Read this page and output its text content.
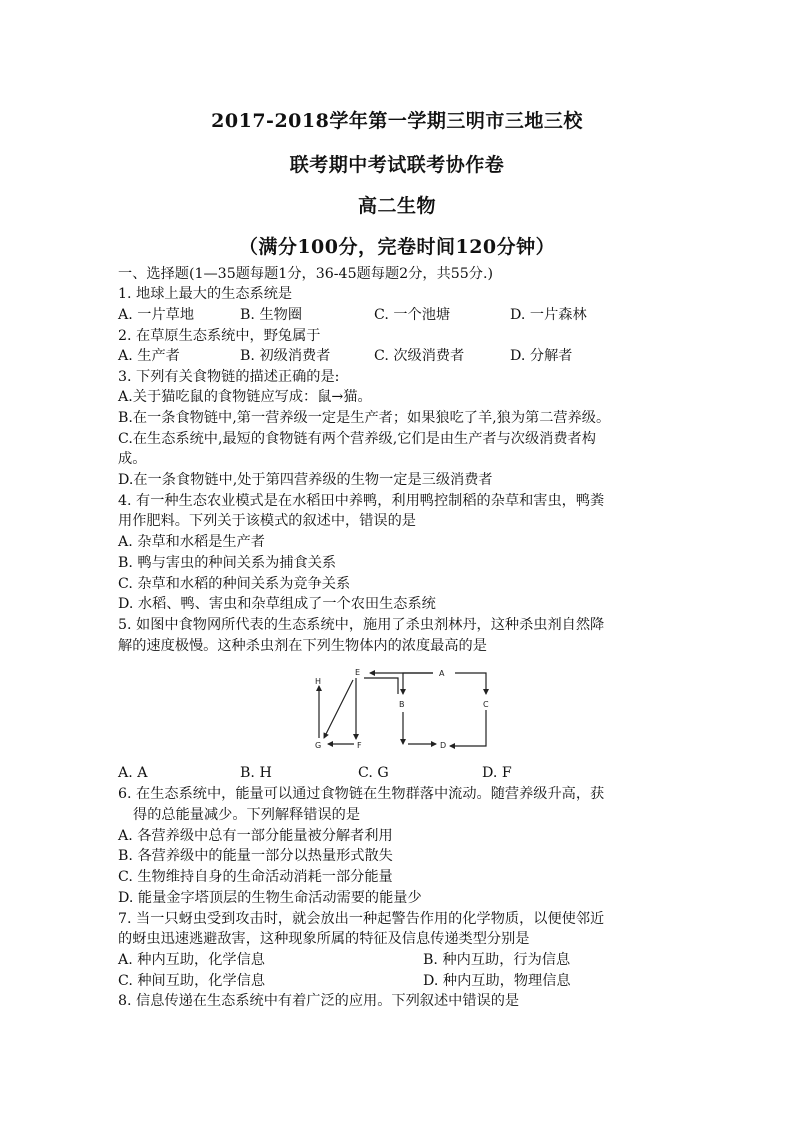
2017-2018学年第一学期三明市三地三校
联考期中考试联考协作卷
高二生物
（满分100分，完卷时间120分钟）
一、选择题(1—35题每题1分，36-45题每题2分，共55分.)
1. 地球上最大的生态系统是
A. 一片草地	B. 生物圈	C. 一个池塘	D. 一片森林
2. 在草原生态系统中，野兔属于
A. 生产者	B. 初级消费者	C. 次级消费者	D. 分解者
3. 下列有关食物链的描述正确的是:
A.关于猫吃鼠的食物链应写成：鼠→猫。
B.在一条食物链中,第一营养级一定是生产者；如果狼吃了羊,狼为第二营养级。
C.在生态系统中,最短的食物链有两个营养级,它们是由生产者与次级消费者构
成。
D.在一条食物链中,处于第四营养级的生物一定是三级消费者
4. 有一种生态农业模式是在水稻田中养鸭，利用鸭控制稻的杂草和害虫，鸭粪
用作肥料。下列关于该模式的叙述中，错误的是
A. 杂草和水稻是生产者
B. 鸭与害虫的种间关系为捕食关系
C. 杂草和水稻的种间关系为竞争关系
D. 水稻、鸭、害虫和杂草组成了一个农田生态系统
5. 如图中食物网所代表的生态系统中，施用了杀虫剂林丹，这种杀虫剂自然降
解的速度极慢。这种杀虫剂在下列生物体内的浓度最高的是
A
E
B	C
H
G	F	D
A. A	B. H	C. G	D. F
6. 在生态系统中，能量可以通过食物链在生物群落中流动。随营养级升高，获
得的总能量减少。下列解释错误的是
A. 各营养级中总有一部分能量被分解者利用
B. 各营养级中的能量一部分以热量形式散失
C. 生物维持自身的生命活动消耗一部分能量
D. 能量金字塔顶层的生物生命活动需要的能量少
7. 当一只蚜虫受到攻击时，就会放出一种起警告作用的化学物质，以便使邻近
的蚜虫迅速逃避敌害，这种现象所属的特征及信息传递类型分别是
A. 种内互助，化学信息	B. 种内互助，行为信息
C. 种间互助，化学信息	D. 种内互助，物理信息
8. 信息传递在生态系统中有着广泛的应用。下列叙述中错误的是
